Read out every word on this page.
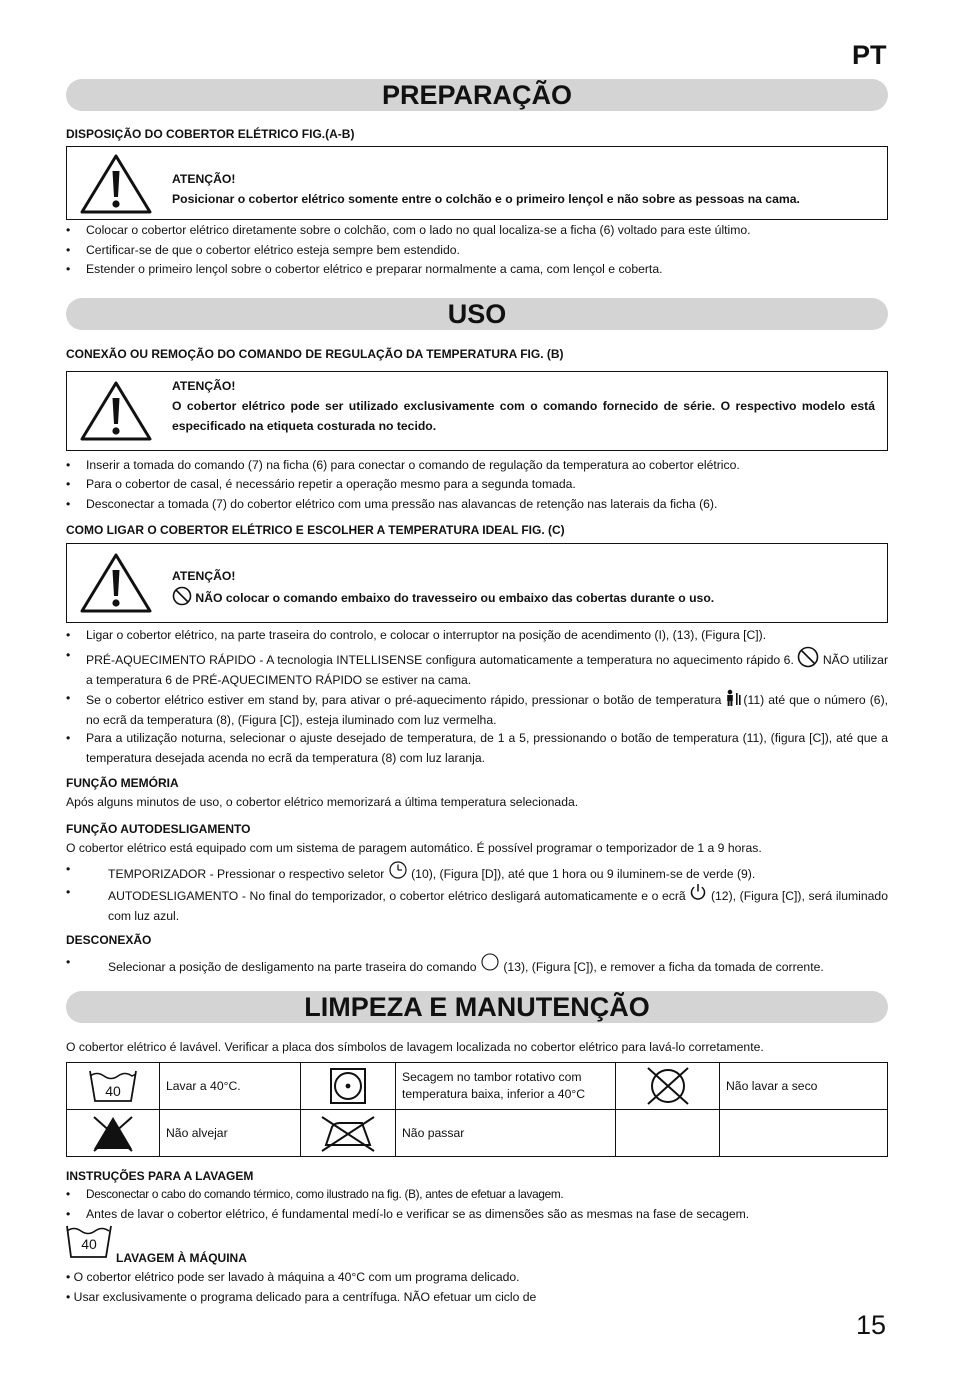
PT
PREPARAÇÃO
DISPOSIÇÃO DO COBERTOR ELÉTRICO FIG.(A-B)
ATENÇÃO!
Posicionar o cobertor elétrico somente entre o colchão e o primeiro lençol e não sobre as pessoas na cama.
•	Colocar o cobertor elétrico diretamente sobre o colchão, com o lado no qual localiza-se a ficha (6) voltado para este último.
•	Certificar-se de que o cobertor elétrico esteja sempre bem estendido.
•	Estender o primeiro lençol sobre o cobertor elétrico e preparar normalmente a cama, com lençol e coberta.
USO
CONEXÃO OU REMOÇÃO DO COMANDO DE REGULAÇÃO DA TEMPERATURA FIG. (B)
ATENÇÃO!
O cobertor elétrico pode ser utilizado exclusivamente com o comando fornecido de série. O respectivo modelo está especificado na etiqueta costurada no tecido.
•	Inserir a tomada do comando (7) na ficha (6) para conectar o comando de regulação da temperatura ao cobertor elétrico.
•	Para o cobertor de casal, é necessário repetir a operação mesmo para a segunda tomada.
•	Desconectar a tomada (7) do cobertor elétrico com uma pressão nas alavancas de retenção nas laterais da ficha (6).
COMO LIGAR O COBERTOR ELÉTRICO E ESCOLHER A TEMPERATURA IDEAL FIG. (C)
ATENÇÃO!
NÃO colocar o comando embaixo do travesseiro ou embaixo das cobertas durante o uso.
•	Ligar o cobertor elétrico, na parte traseira do controlo, e colocar o interruptor na posição de acendimento (I), (13), (Figura [C]).
•	PRÉ-AQUECIMENTO RÁPIDO - A tecnologia INTELLISENSE configura automaticamente a temperatura no aquecimento rápido 6. NÃO utilizar a temperatura 6 de PRÉ-AQUECIMENTO RÁPIDO se estiver na cama.
•	Se o cobertor elétrico estiver em stand by, para ativar o pré-aquecimento rápido, pressionar o botão de temperatura (11) até que o número (6), no ecrã da temperatura (8), (Figura [C]), esteja iluminado com luz vermelha.
•	Para a utilização noturna, selecionar o ajuste desejado de temperatura, de 1 a 5, pressionando o botão de temperatura (11), (figura [C]), até que a temperatura desejada acenda no ecrã da temperatura (8) com luz laranja.
FUNÇÃO MEMÓRIA
Após alguns minutos de uso, o cobertor elétrico memorizará a última temperatura selecionada.
FUNÇÃO AUTODESLIGAMENTO
O cobertor elétrico está equipado com um sistema de paragem automático. É possível programar o temporizador de 1 a 9 horas.
•	TEMPORIZADOR - Pressionar o respectivo seletor (10), (Figura [D]), até que 1 hora ou 9 iluminem-se de verde (9).
•	AUTODESLIGAMENTO - No final do temporizador, o cobertor elétrico desligará automaticamente e o ecrã (12), (Figura [C]), será iluminado com luz azul.
DESCONEXÃO
•	Selecionar a posição de desligamento na parte traseira do comando (13), (Figura [C]), e remover a ficha da tomada de corrente.
LIMPEZA E MANUTENÇÃO
O cobertor elétrico é lavável. Verificar a placa dos símbolos de lavagem localizada no cobertor elétrico para lavá-lo corretamente.
40	Lavar a 40°C.		Secagem no tambor rotativo com temperatura baixa, inferior a 40°C		Não lavar a seco
	Não alvejar		Não passar		
INSTRUÇÕES PARA A LAVAGEM
•	Desconectar o cabo do comando térmico, como ilustrado na fig. (B), antes de efetuar a lavagem.
•	Antes de lavar o cobertor elétrico, é fundamental medí-lo e verificar se as dimensões são as mesmas na fase de secagem.
40
LAVAGEM À MÁQUINA
• O cobertor elétrico pode ser lavado à máquina a 40°C com um programa delicado.
• Usar exclusivamente o programa delicado para a centrífuga. NÃO efetuar um ciclo de
15
